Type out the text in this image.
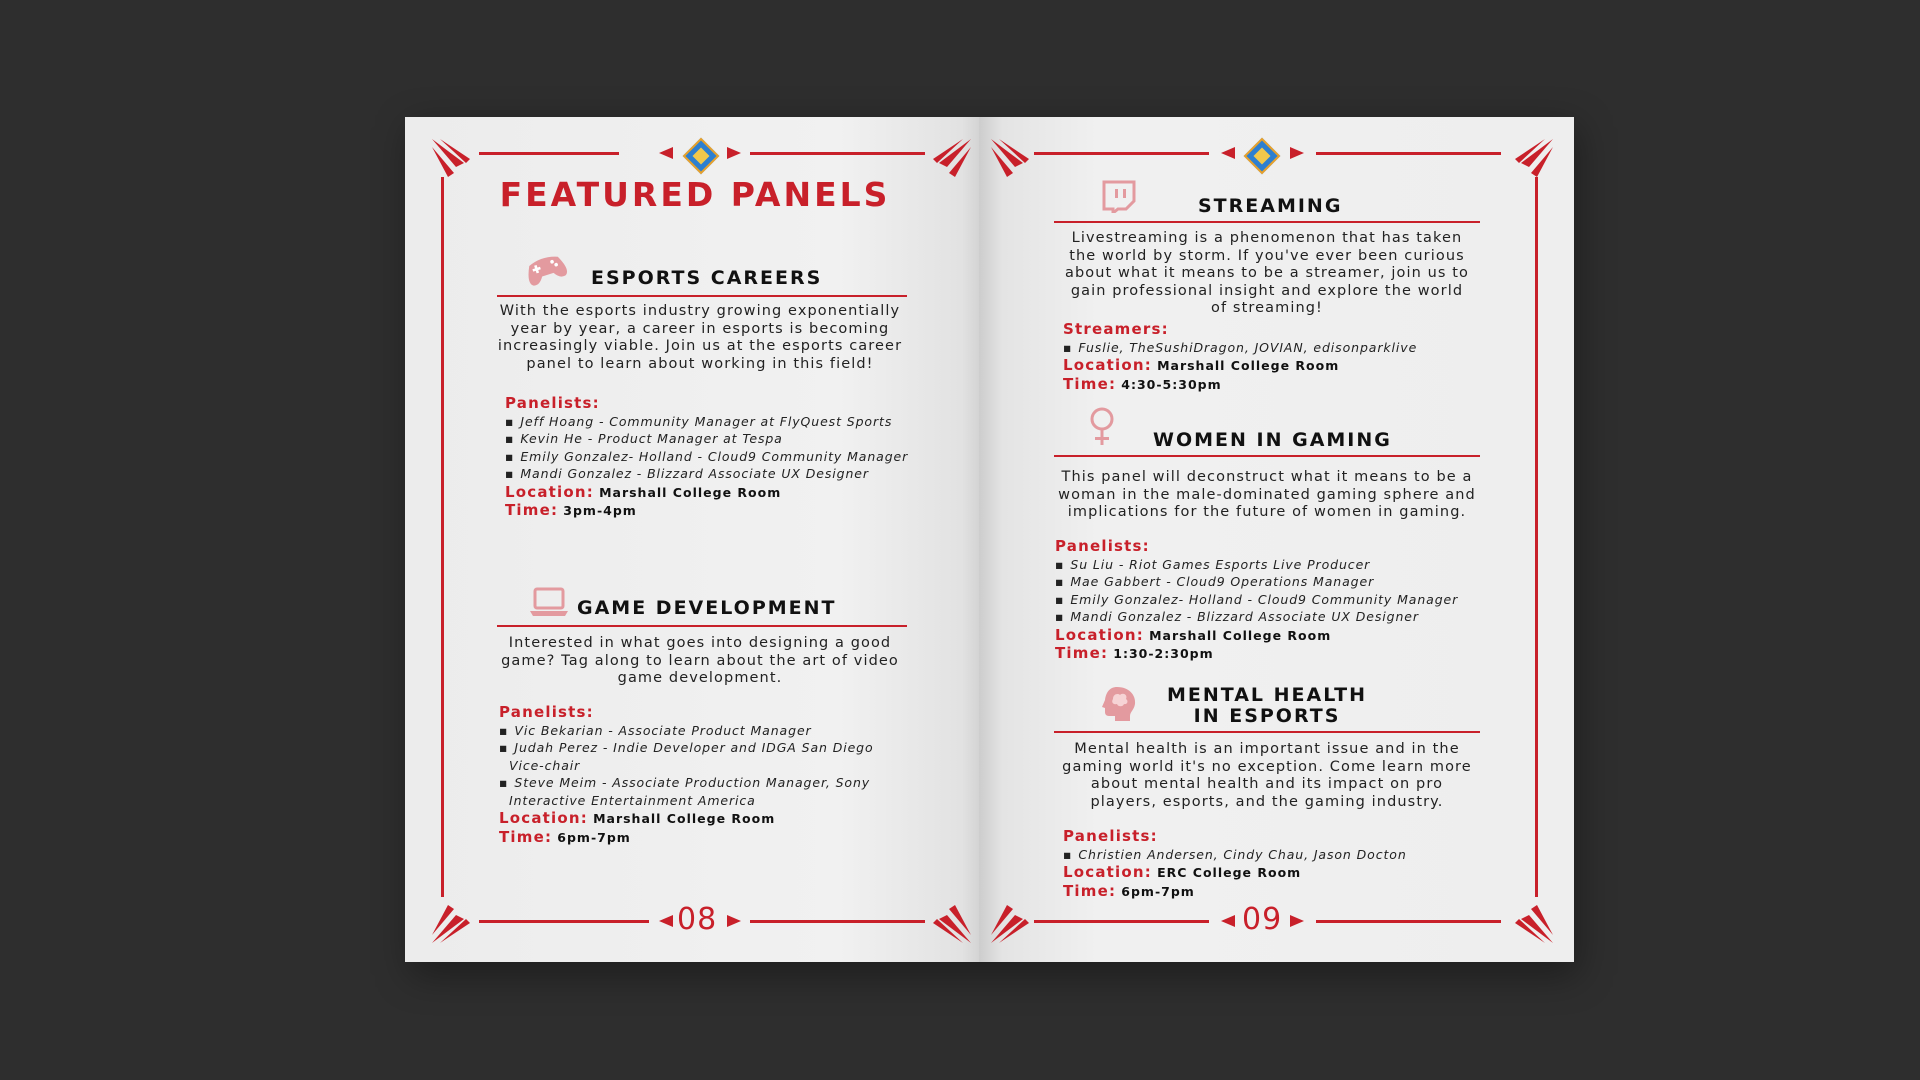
08
FEATURED PANELS
ESPORTS CAREERS
With the esports industry growing exponentially
year by year, a career in esports is becoming
increasingly viable. Join us at the esports career
panel to learn about working in this field!
Panelists:
▪ Jeff Hoang - Community Manager at FlyQuest Sports
▪ Kevin He - Product Manager at Tespa
▪ Emily Gonzalez- Holland - Cloud9 Community Manager
▪ Mandi Gonzalez - Blizzard Associate UX Designer
Location: Marshall College Room
Time: 3pm-4pm
GAME DEVELOPMENT
Interested in what goes into designing a good
game? Tag along to learn about the art of video
game development.
Panelists:
▪ Vic Bekarian - Associate Product Manager
▪ Judah Perez - Indie Developer and IDGA San Diego
Vice-chair
▪ Steve Meim - Associate Production Manager, Sony
Interactive Entertainment America
Location: Marshall College Room
Time: 6pm-7pm
09
STREAMING
Livestreaming is a phenomenon that has taken
the world by storm. If you've ever been curious
about what it means to be a streamer, join us to
gain professional insight and explore the world
of streaming!
Streamers:
▪ Fuslie, TheSushiDragon, JOVIAN, edisonparklive
Location: Marshall College Room
Time: 4:30-5:30pm
WOMEN IN GAMING
This panel will deconstruct what it means to be a
woman in the male-dominated gaming sphere and
implications for the future of women in gaming.
Panelists:
▪ Su Liu - Riot Games Esports Live Producer
▪ Mae Gabbert - Cloud9 Operations Manager
▪ Emily Gonzalez- Holland - Cloud9 Community Manager
▪ Mandi Gonzalez - Blizzard Associate UX Designer
Location: Marshall College Room
Time: 1:30-2:30pm
MENTAL HEALTH
IN ESPORTS
Mental health is an important issue and in the
gaming world it's no exception. Come learn more
about mental health and its impact on pro
players, esports, and the gaming industry.
Panelists:
▪ Christien Andersen, Cindy Chau, Jason Docton
Location: ERC College Room
Time: 6pm-7pm
